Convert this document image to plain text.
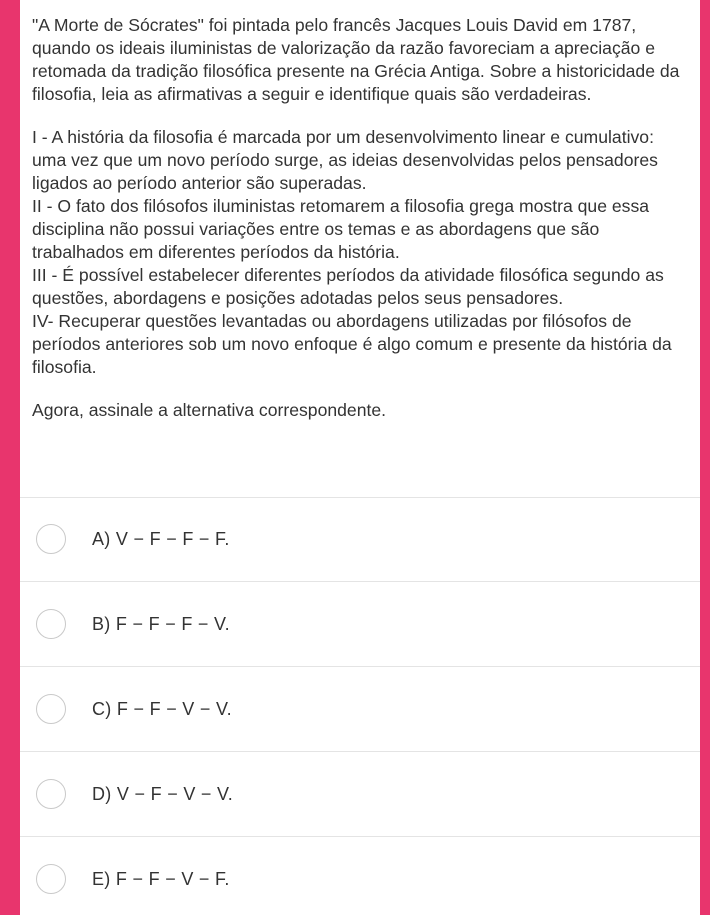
"A Morte de Sócrates" foi pintada pelo francês Jacques Louis David em 1787, quando os ideais iluministas de valorização da razão favoreciam a apreciação e retomada da tradição filosófica presente na Grécia Antiga. Sobre a historicidade da filosofia, leia as afirmativas a seguir e identifique quais são verdadeiras.

I - A história da filosofia é marcada por um desenvolvimento linear e cumulativo: uma vez que um novo período surge, as ideias desenvolvidas pelos pensadores ligados ao período anterior são superadas.

II - O fato dos filósofos iluministas retomarem a filosofia grega mostra que essa disciplina não possui variações entre os temas e as abordagens que são trabalhados em diferentes períodos da história.

III - É possível estabelecer diferentes períodos da atividade filosófica segundo as questões, abordagens e posições adotadas pelos seus pensadores.

IV- Recuperar questões levantadas ou abordagens utilizadas por filósofos de períodos anteriores sob um novo enfoque é algo comum e presente da história da filosofia.

Agora, assinale a alternativa correspondente.

A) V − F − F − F.
B) F − F − F − V.
C) F − F − V − V.
D) V − F − V − V.
E) F − F − V − F.
